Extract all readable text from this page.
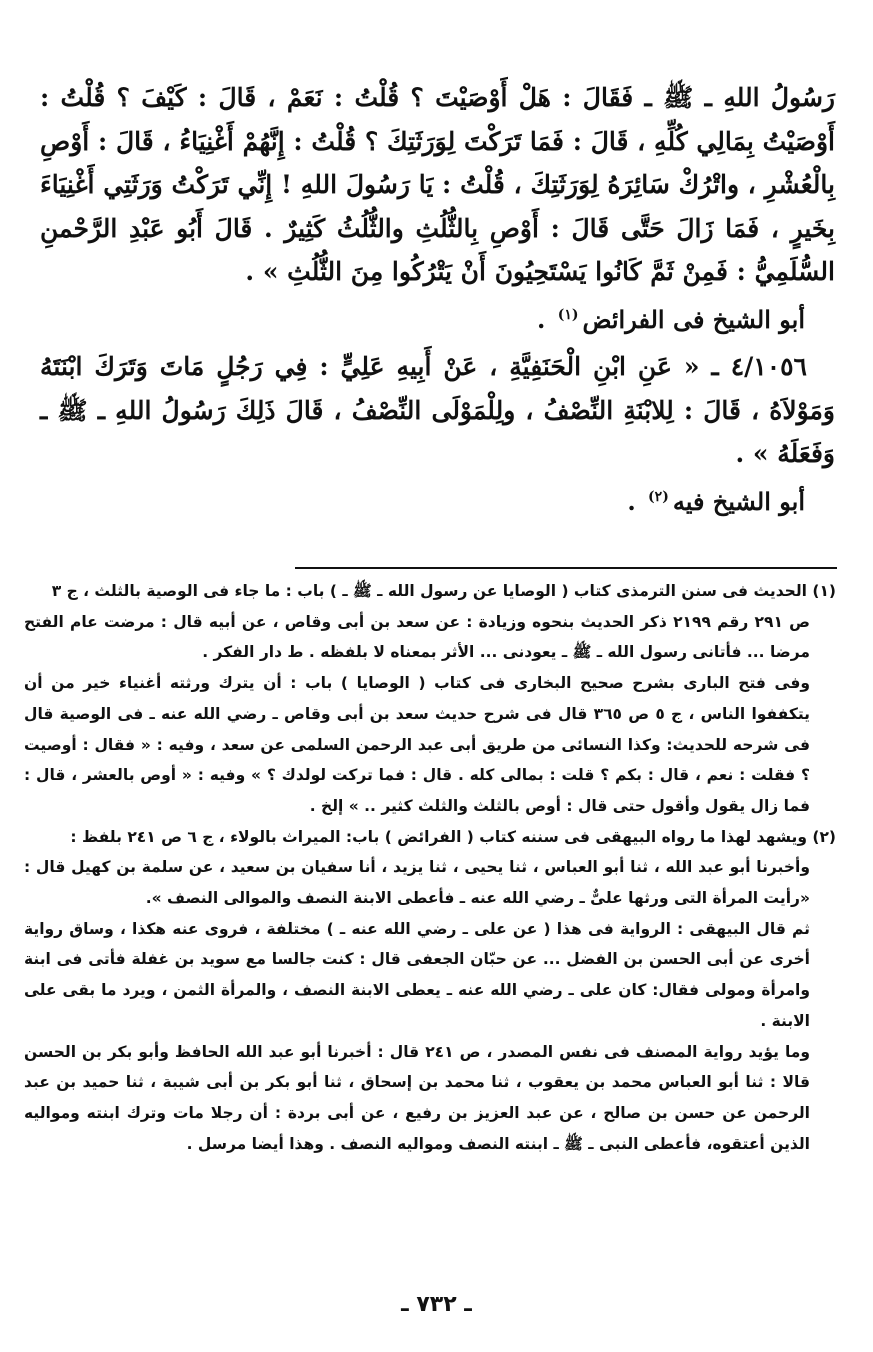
رَسُولُ اللهِ ـ ﷺ ـ فَقَالَ : هَلْ أَوْصَيْتَ ؟ قُلْتُ : نَعَمْ ، قَالَ : كَيْفَ ؟ قُلْتُ : أَوْصَيْتُ بِمَالِي كُلِّهِ ، قَالَ : فَمَا تَرَكْتَ لِوَرَثَتِكَ ؟ قُلْتُ : إِنَّهُمْ أَغْنِيَاءُ ، قَالَ : أَوْصِ بِالْعُشْرِ ، واتْرُكْ سَائِرَهُ لِوَرَثَتِكَ ، قُلْتُ : يَا رَسُولَ اللهِ ! إِنِّي تَرَكْتُ وَرَثَتِي أَغْنِيَاءَ بِخَيرٍ ، فَمَا زَالَ حَتَّى قَالَ : أَوْصِ بِالثُّلُثِ والثُّلُثُ كَثِيرٌ . قَالَ أَبُو عَبْدِ الرَّحْمنِ السُّلَمِيُّ : فَمِنْ ثَمَّ كَانُوا يَسْتَحِيُونَ أَنْ يَتْرُكُوا مِنَ الثُّلُثِ » .

أبو الشيخ فى الفرائض$^{(١)}$ .

٤/١٠٥٦ ـ « عَنِ ابْنِ الْحَنَفِيَّةِ ، عَنْ أَبِيهِ عَلِيٍّ : فِي رَجُلٍ مَاتَ وَتَرَكَ ابْنَتَهُ وَمَوْلاَهُ ، قَالَ : لِلابْنَةِ النِّصْفُ ، ولِلْمَوْلَى النِّصْفُ ، قَالَ ذَلِكَ رَسُولُ اللهِ ـ ﷺ ـ وَفَعَلَهُ » .

أبو الشيخ فيه$^{(٢)}$ .

(١) الحديث فى سنن الترمذى كتاب ( الوصايا عن رسول الله ـ ﷺ ـ ) باب : ما جاء فى الوصية بالثلث ، ج ٣

ص ٢٩١ رقم ٢١٩٩ ذكر الحديث بنحوه وزيادة : عن سعد بن أبى وقاص ، عن أبيه قال : مرضت عام الفتح مرضا ... فأتانى رسول الله ـ ﷺ ـ يعودنى ... الأثر بمعناه لا بلفظه . ط دار الفكر .

وفى فتح البارى بشرح صحيح البخارى فى كتاب ( الوصايا ) باب : أن يترك ورثته أغنياء خير من أن يتكففوا الناس ، ج ٥ ص ٣٦٥ قال فى شرح حديث سعد بن أبى وقاص ـ رضي الله عنه ـ فى الوصية قال فى شرحه للحديث: وكذا النسائى من طريق أبى عبد الرحمن السلمى عن سعد ، وفيه : « فقال : أوصيت ؟ فقلت : نعم ، قال : بكم ؟ قلت : بمالى كله . قال : فما تركت لولدك ؟ » وفيه : « أوص بالعشر ، قال : فما زال يقول وأقول حتى قال : أوص بالثلث والثلث كثير .. » إلخ .

(٢) ويشهد لهذا ما رواه البيهقى فى سننه كتاب ( الفرائض ) باب: الميراث بالولاء ، ج ٦ ص ٢٤١ بلفظ :

وأخبرنا أبو عبد الله ، ثنا أبو العباس ، ثنا يحيى ، ثنا يزيد ، أنا سفيان بن سعيد ، عن سلمة بن كهيل قال : «رأيت المرأة التى ورثها علىٌّ ـ رضي الله عنه ـ فأعطى الابنة النصف والموالى النصف ».

ثم قال البيهقى : الرواية فى هذا ( عن على ـ رضي الله عنه ـ ) مختلفة ، فروى عنه هكذا ، وساق رواية أخرى عن أبى الحسن بن الفضل ... عن حبّان الجعفى قال : كنت جالسا مع سويد بن غفلة فأتى فى ابنة وامرأة ومولى فقال: كان على ـ رضي الله عنه ـ يعطى الابنة النصف ، والمرأة الثمن ، ويرد ما بقى على الابنة .

وما يؤيد رواية المصنف فى نفس المصدر ، ص ٢٤١ قال : أخبرنا أبو عبد الله الحافظ وأبو بكر بن الحسن قالا : ثنا أبو العباس محمد بن يعقوب ، ثنا محمد بن إسحاق ، ثنا أبو بكر بن أبى شيبة ، ثنا حميد بن عبد الرحمن عن حسن بن صالح ، عن عبد العزيز بن رفيع ، عن أبى بردة : أن رجلا مات وترك ابنته ومواليه الذين أعتقوه، فأعطى النبى ـ ﷺ ـ ابنته النصف ومواليه النصف . وهذا أيضا مرسل .

ـ ٧٣٢ ـ
